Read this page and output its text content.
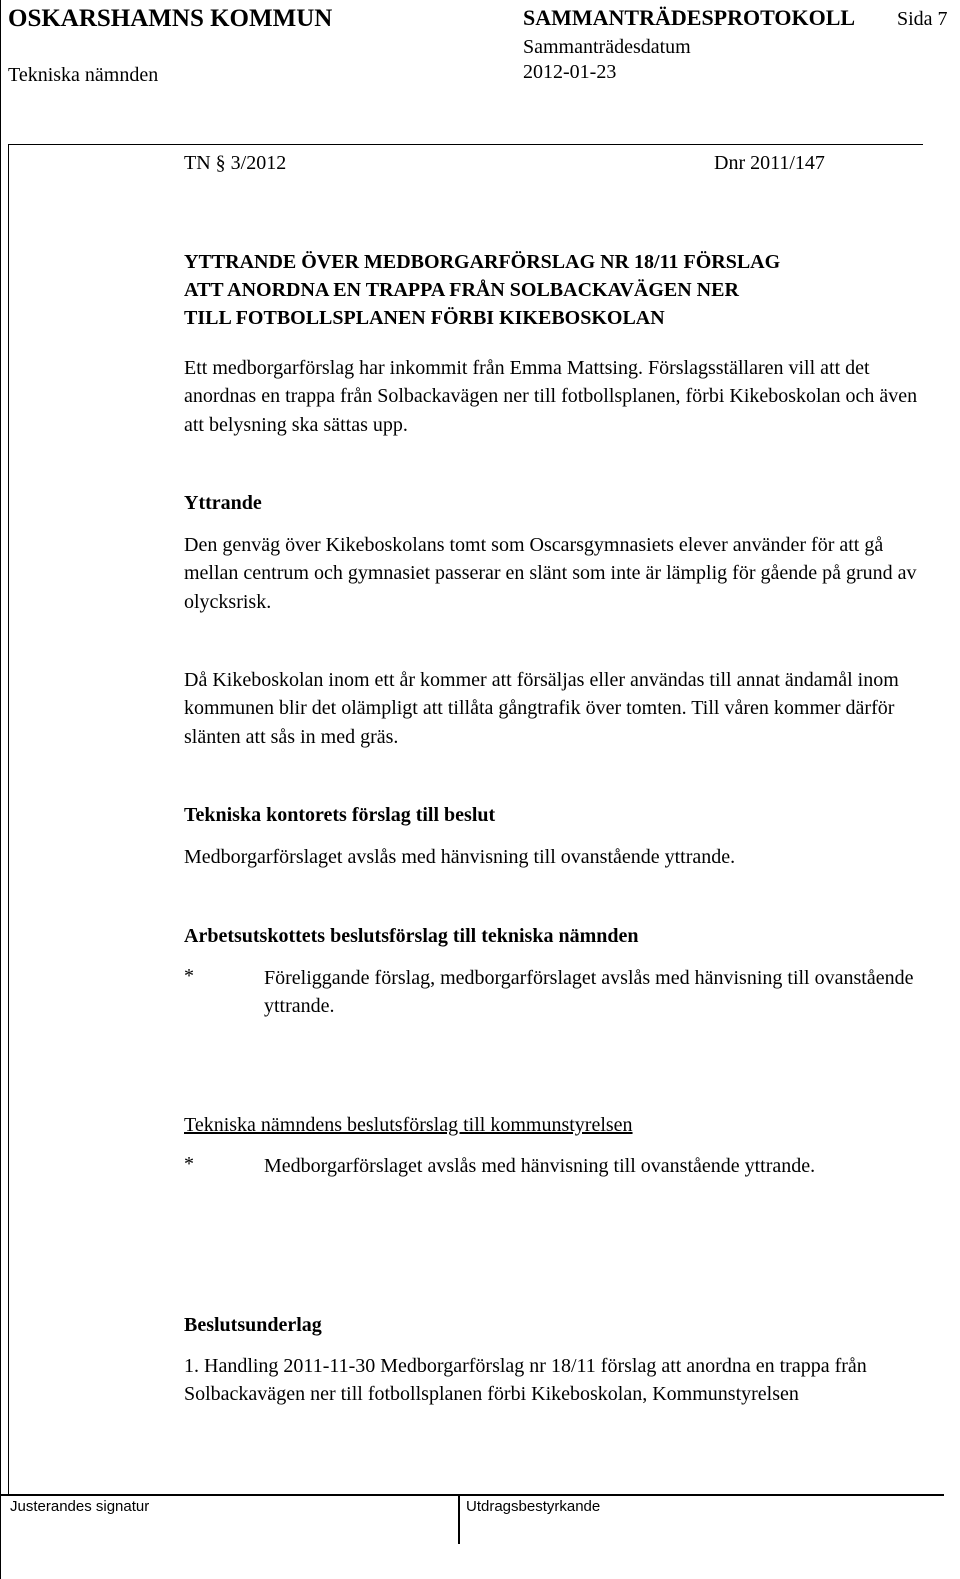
OSKARSHAMNS KOMMUN	SAMMANTRÄDESPROTOKOLL Sida 7
Sammanträdesdatum
Tekniska nämnden	2012-01-23
TN § 3/2012	Dnr 2011/147
YTTRANDE ÖVER MEDBORGARFÖRSLAG NR 18/11 FÖRSLAG
ATT ANORDNA EN TRAPPA FRÅN SOLBACKAVÄGEN NER
TILL FOTBOLLSPLANEN FÖRBI KIKEBOSKOLAN
Ett medborgarförslag har inkommit från Emma Mattsing. Förslagsställaren vill att det anordnas en trappa från Solbackavägen ner till fotbollsplanen, förbi Kikeboskolan och även att belysning ska sättas upp.
Yttrande
Den genväg över Kikeboskolans tomt som Oscarsgymnasiets elever använder för att gå mellan centrum och gymnasiet passerar en slänt som inte är lämplig för gående på grund av olycksrisk.
Då Kikeboskolan inom ett år kommer att försäljas eller användas till annat ändamål inom kommunen blir det olämpligt att tillåta gångtrafik över tomten. Till våren kommer därför slänten att sås in med gräs.
Tekniska kontorets förslag till beslut
Medborgarförslaget avslås med hänvisning till ovanstående yttrande.
Arbetsutskottets beslutsförslag till tekniska nämnden
*	Föreliggande förslag, medborgarförslaget avslås med hänvisning till ovanstående yttrande.
Tekniska nämndens beslutsförslag till kommunstyrelsen
*	Medborgarförslaget avslås med hänvisning till ovanstående yttrande.
Beslutsunderlag
1. Handling 2011-11-30 Medborgarförslag nr 18/11 förslag att anordna en trappa från Solbackavägen ner till fotbollsplanen förbi Kikeboskolan, Kommunstyrelsen
Justerandes signatur	Utdragsbestyrkande
